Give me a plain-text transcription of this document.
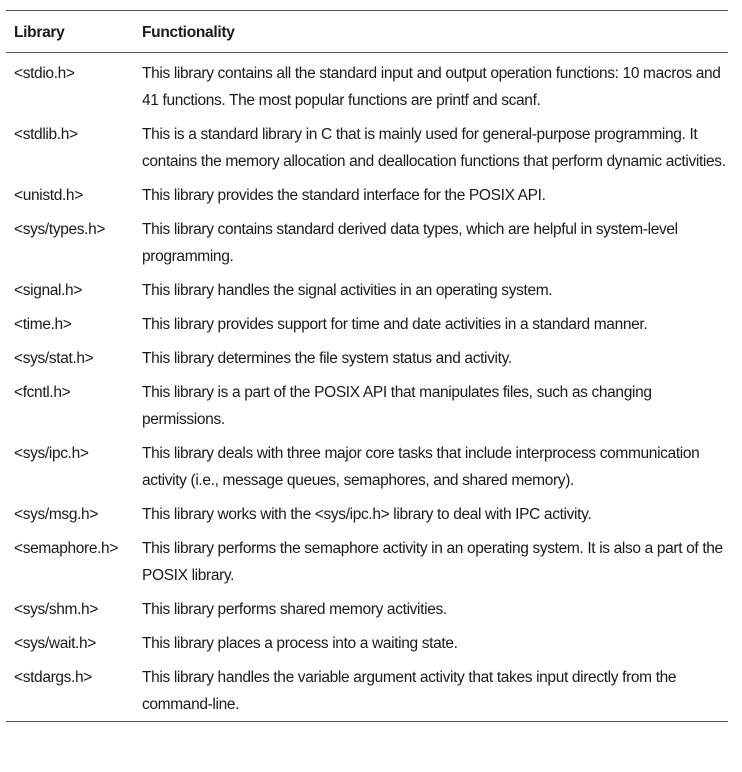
Library	Functionality
<stdio.h>	This library contains all the standard input and output operation functions: 10 macros and 41 functions. The most popular functions are printf and scanf.
<stdlib.h>	This is a standard library in C that is mainly used for general-purpose programming. It contains the memory allocation and deallocation functions that perform dynamic activities.
<unistd.h>	This library provides the standard interface for the POSIX API.
<sys/types.h>	This library contains standard derived data types, which are helpful in system-level programming.
<signal.h>	This library handles the signal activities in an operating system.
<time.h>	This library provides support for time and date activities in a standard manner.
<sys/stat.h>	This library determines the file system status and activity.
<fcntl.h>	This library is a part of the POSIX API that manipulates files, such as changing permissions.
<sys/ipc.h>	This library deals with three major core tasks that include interprocess communication activity (i.e., message queues, semaphores, and shared memory).
<sys/msg.h>	This library works with the <sys/ipc.h> library to deal with IPC activity.
<semaphore.h>	This library performs the semaphore activity in an operating system. It is also a part of the POSIX library.
<sys/shm.h>	This library performs shared memory activities.
<sys/wait.h>	This library places a process into a waiting state.
<stdargs.h>	This library handles the variable argument activity that takes input directly from the command-line.
